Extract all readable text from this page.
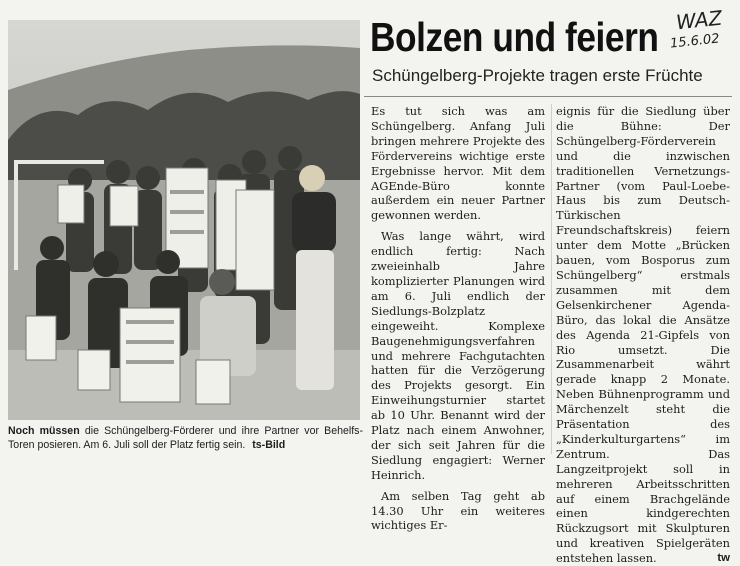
Noch müssen die Schüngelberg-Förderer und ihre Partner vor Behelfs-Toren posieren. Am 6. Juli soll der Platz fertig sein. ts-Bild
Bolzen und feiern WAZ
15.6.02
Schüngelberg-Projekte tragen erste Früchte

Es tut sich was am Schüngelberg. Anfang Juli bringen mehrere Projekte des Fördervereins wichtige erste Ergebnisse hervor. Mit dem AGEnde-Büro konnte außerdem ein neuer Partner gewonnen werden.

Was lange währt, wird endlich fertig: Nach zweieinhalb Jahre komplizierter Planungen wird am 6. Juli endlich der Siedlungs-Bolzplatz eingeweiht. Komplexe Baugenehmigungsverfahren und mehrere Fachgutachten hatten für die Verzögerung des Projekts gesorgt. Ein Einweihungsturnier startet ab 10 Uhr. Benannt wird der Platz nach einem Anwohner, der sich seit Jahren für die Siedlung engagiert: Werner Heinrich.

Am selben Tag geht ab 14.30 Uhr ein weiteres wichtiges Er-

eignis für die Siedlung über die Bühne: Der Schüngelberg-Förderverein und die inzwischen traditionellen Vernetzungs-Partner (vom Paul-Loebe-Haus bis zum Deutsch-Türkischen Freundschaftskreis) feiern unter dem Motte „Brücken bauen, vom Bosporus zum Schüngelberg“ erstmals zusammen mit dem Gelsenkirchener Agenda-Büro, das lokal die Ansätze des Agenda 21-Gipfels von Rio umsetzt. Die Zusammenarbeit währt gerade knapp 2 Monate. Neben Bühnenprogramm und Märchenzelt steht die Präsentation des „Kinderkulturgartens“ im Zentrum. Das Langzeitprojekt soll in mehreren Arbeitsschritten auf einem Brachgelände einen kindgerechten Rückzugsort mit Skulpturen und kreativen Spielgeräten entstehen lassen.	tw
